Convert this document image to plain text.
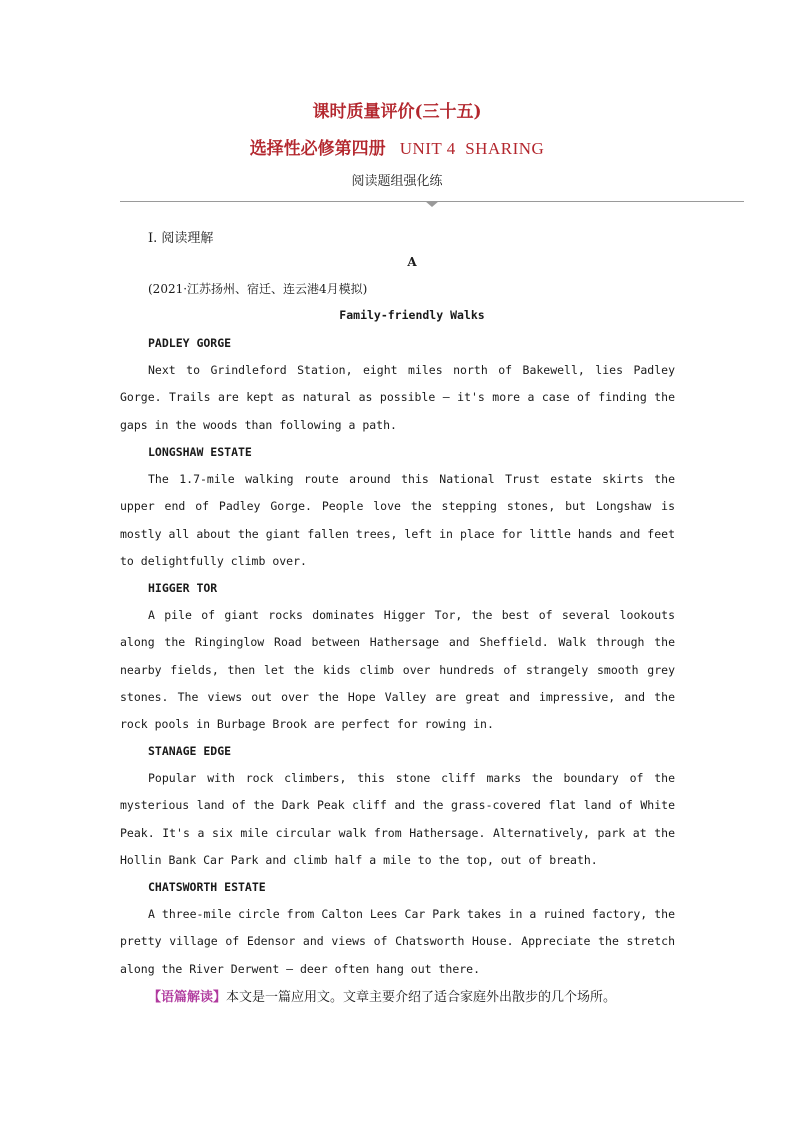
课时质量评价(三十五)
选择性必修第四册 UNIT 4  SHARING
阅读题组强化练
Ⅰ. 阅读理解
A
(2021·江苏扬州、宿迁、连云港4月模拟)
Family-friendly Walks
PADLEY GORGE

Next to Grindleford Station, eight miles north of Bakewell, lies Padley Gorge. Trails are kept as natural as possible — it's more a case of finding the gaps in the woods than following a path.

LONGSHAW ESTATE

The 1.7-mile walking route around this National Trust estate skirts the upper end of Padley Gorge. People love the stepping stones, but Longshaw is mostly all about the giant fallen trees, left in place for little hands and feet to delightfully climb over.

HIGGER TOR

A pile of giant rocks dominates Higger Tor, the best of several lookouts along the Ringinglow Road between Hathersage and Sheffield. Walk through the nearby fields, then let the kids climb over hundreds of strangely smooth grey stones. The views out over the Hope Valley are great and impressive, and the rock pools in Burbage Brook are perfect for rowing in.

STANAGE EDGE

Popular with rock climbers, this stone cliff marks the boundary of the mysterious land of the Dark Peak cliff and the grass-covered flat land of White Peak. It's a six mile circular walk from Hathersage. Alternatively, park at the Hollin Bank Car Park and climb half a mile to the top, out of breath.

CHATSWORTH ESTATE

A three-mile circle from Calton Lees Car Park takes in a ruined factory, the pretty village of Edensor and views of Chatsworth House. Appreciate the stretch along the River Derwent — deer often hang out there.

【语篇解读】本文是一篇应用文。文章主要介绍了适合家庭外出散步的几个场所。
